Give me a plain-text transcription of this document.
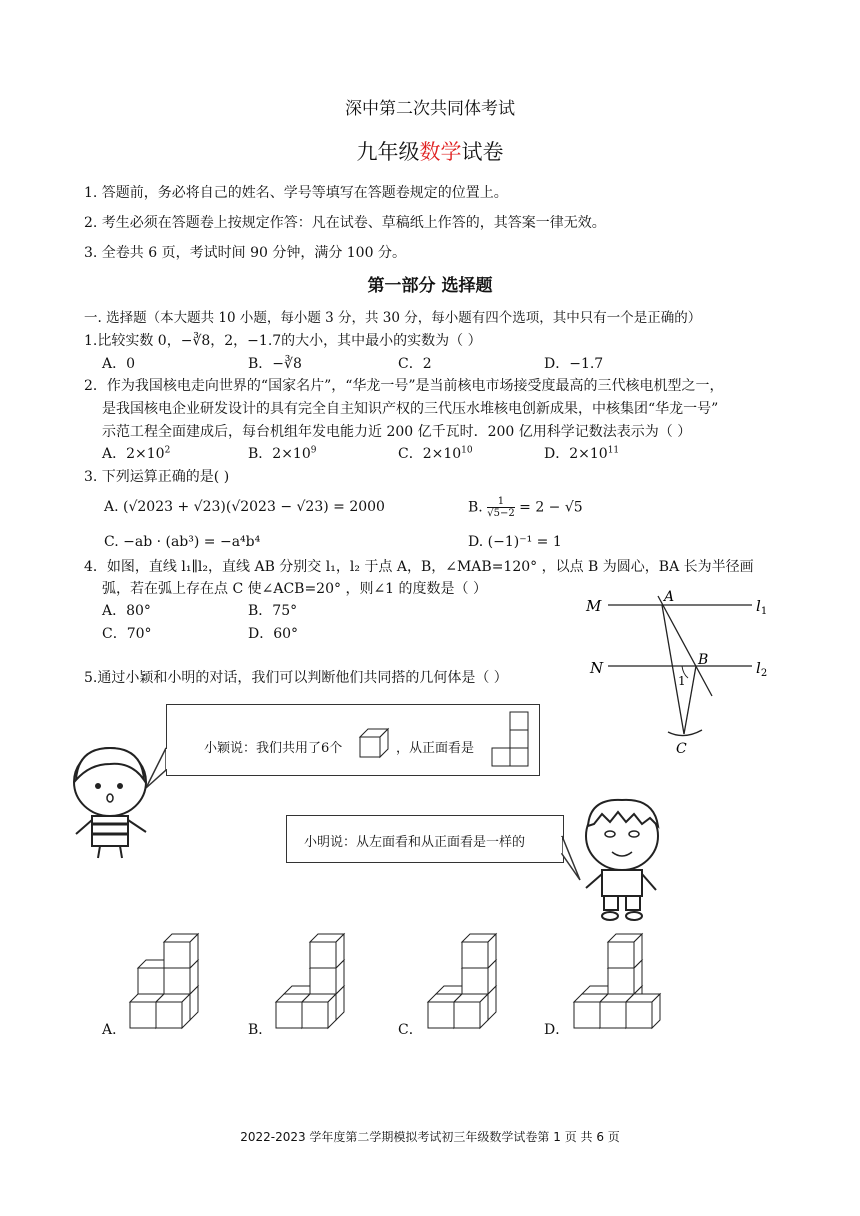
深中第二次共同体考试
九年级数学试卷
1. 答题前，务必将自己的姓名、学号等填写在答题卷规定的位置上。
2. 考生必须在答题卷上按规定作答：凡在试卷、草稿纸上作答的，其答案一律无效。
3. 全卷共 6 页，考试时间 90 分钟，满分 100 分。
第一部分 选择题
一. 选择题（本大题共 10 小题，每小题 3 分，共 30 分，每小题有四个选项，其中只有一个是正确的）
1.比较实数 0，−∛8，2，−1.7的大小，其中最小的实数为（ ）
A．0	B．−∛8	C．2	D．−1.7
2．作为我国核电走向世界的“国家名片”，“华龙一号”是当前核电市场接受度最高的三代核电机型之一，
是我国核电企业研发设计的具有完全自主知识产权的三代压水堆核电创新成果，中核集团“华龙一号”
示范工程全面建成后，每台机组年发电能力近 200 亿千瓦时．200 亿用科学记数法表示为（ ）
A．$2\times 10^2$	B．$2\times 10^9$	C．$2\times 10^{10}$	D．$2\times 10^{11}$
3. 下列运算正确的是( )
A. (√2023 + √23)(√2023 − √23) = 2000	B. $\frac{1}{√5-2} = 2 - √5$
C. −ab · (ab³) = −a⁴b⁴	D. (−1)⁻¹ = 1
4．如图，直线 l₁∥l₂，直线 AB 分别交 l₁，l₂ 于点 A，B，∠MAB=120° ，以点 B 为圆心，BA 长为半径画
弧，若在弧上存在点 C 使∠ACB=20° ，则∠1 的度数是（ ）
A．80°	B．75°
C．70°	D．60°
M	A	$l_1$
N	B	$l_2$
1
C
5.通过小颖和小明的对话，我们可以判断他们共同搭的几何体是（ ）
小颖说：我们共用了6个	，从正面看是
小明说：从左面看和从正面看是一样的
A．	B．	C．	D．
2022-2023 学年度第二学期模拟考试初三年级数学试卷第 1 页 共 6 页
